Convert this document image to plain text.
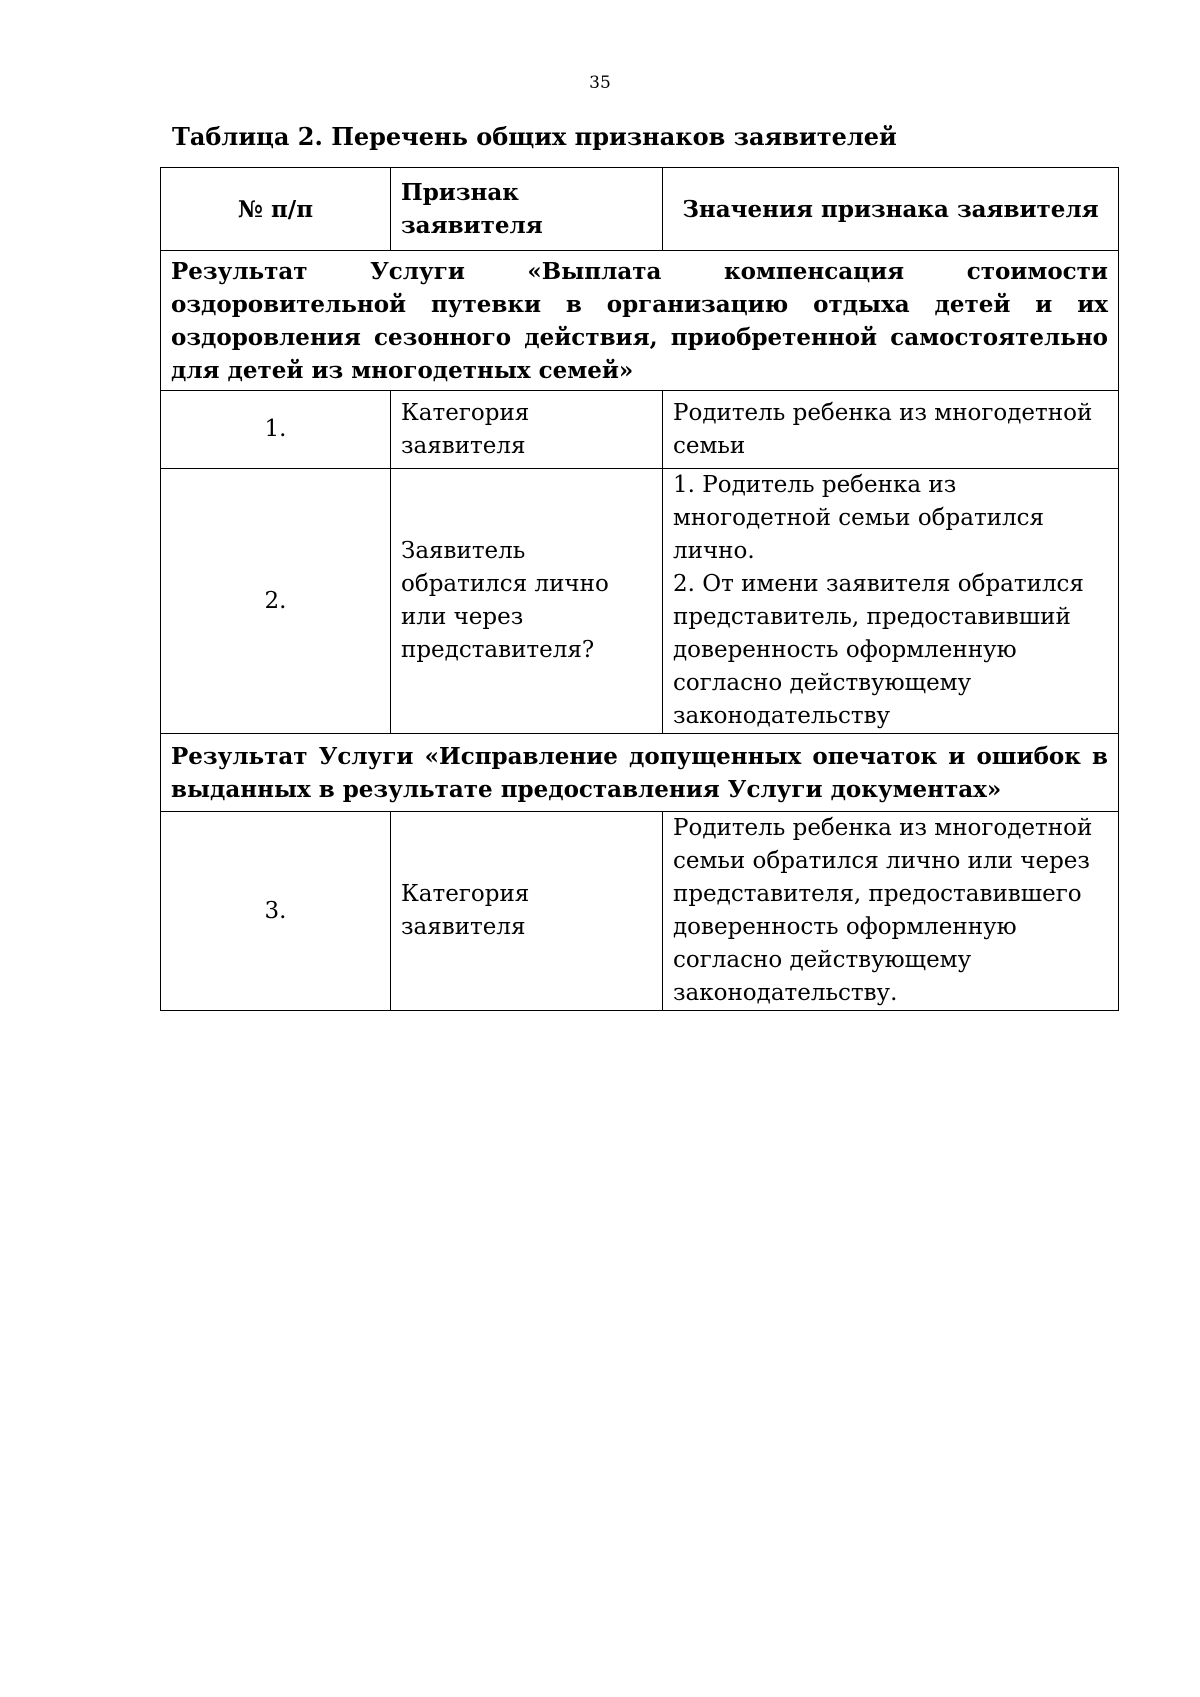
35
Таблица 2. Перечень общих признаков заявителей
№ п/п	Признак заявителя	Значения признака заявителя
Результат Услуги «Выплата компенсация стоимости оздоровительной путевки в организацию отдыха детей и их оздоровления сезонного действия, приобретенной самостоятельно для детей из многодетных семей»		
1.	Категория заявителя	Родитель ребенка из многодетной семьи

2.	Заявитель обратился лично или через представителя?	1. Родитель ребенка из многодетной семьи обратился лично.
2. От имени заявителя обратился представитель, предоставивший доверенность оформленную согласно действующему законодательству

Результат Услуги «Исправление допущенных опечаток и ошибок в выданных в результате предоставления Услуги документах»		
3.	Категория заявителя	Родитель ребенка из многодетной семьи обратился лично или через представителя, предоставившего доверенность оформленную согласно действующему законодательству.
